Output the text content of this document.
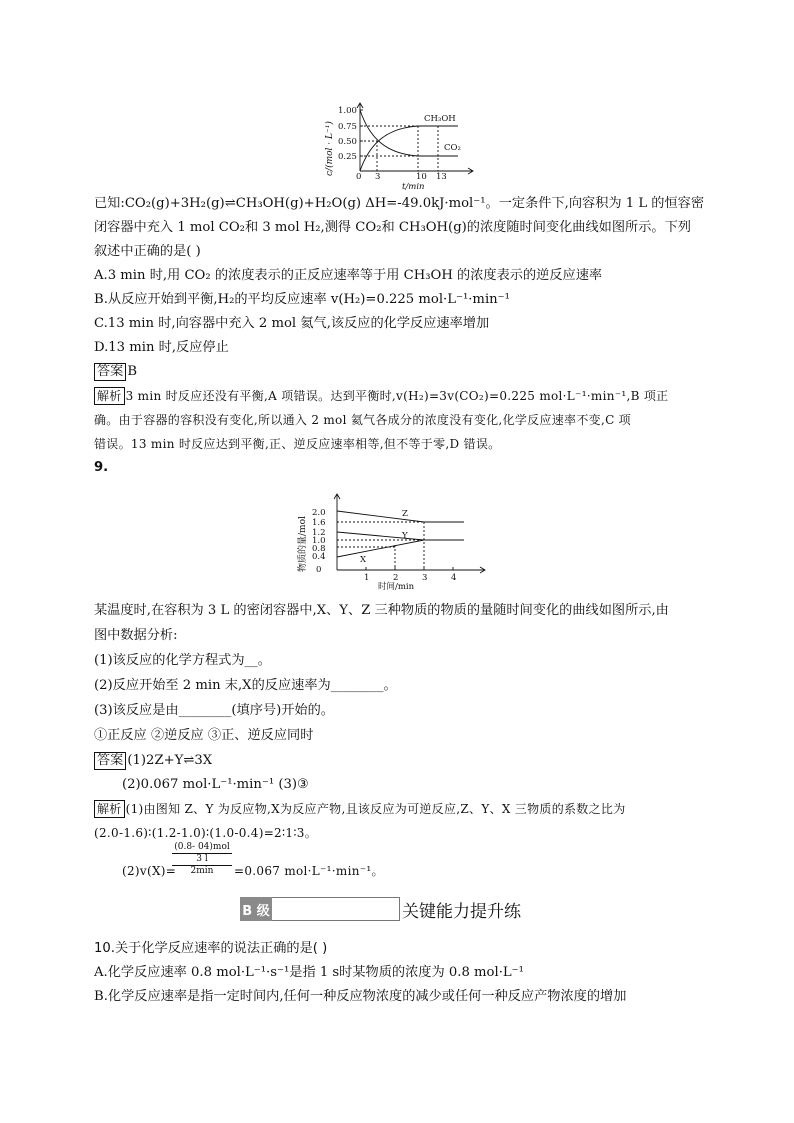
c/(mol · L⁻¹)
1.00
0.75
0.50
0.25
0 3	10 13
t/min
CH₃OH
CO₂
已知:CO₂(g)+3H₂(g)⇌CH₃OH(g)+H₂O(g) ΔH=-49.0kJ·mol⁻¹。一定条件下,向容积为 1 L 的恒容密
闭容器中充入 1 mol CO₂和 3 mol H₂,测得 CO₂和 CH₃OH(g)的浓度随时间变化曲线如图所示。下列
叙述中正确的是( )
A.3 min 时,用 CO₂ 的浓度表示的正反应速率等于用 CH₃OH 的浓度表示的逆反应速率
B.从反应开始到平衡,H₂的平均反应速率 v(H₂)=0.225 mol·L⁻¹·min⁻¹
C.13 min 时,向容器中充入 2 mol 氦气,该反应的化学反应速率增加
D.13 min 时,反应停止
答案 B
解析 3 min 时反应还没有平衡,A 项错误。达到平衡时,v(H₂)=3v(CO₂)=0.225 mol·L⁻¹·min⁻¹,B 项正
确。由于容器的容积没有变化,所以通入 2 mol 氦气各成分的浓度没有变化,化学反应速率不变,C 项
错误。13 min 时反应达到平衡,正、逆反应速率相等,但不等于零,D 错误。
9.
物质的量/mol
2.0
1.6
1.2
1.0
0.8
0.4
0
1	2	3	4
时间/min
Z
Y
X
某温度时,在容积为 3 L 的密闭容器中,X、Y、Z 三种物质的物质的量随时间变化的曲线如图所示,由
图中数据分析:
(1)该反应的化学方程式为__。
(2)反应开始至 2 min 末,X的反应速率为________。
(3)该反应是由________(填序号)开始的。
①正反应 ②逆反应 ③正、逆反应同时
答案 (1)2Z+Y⇌3X
(2)0.067 mol·L⁻¹·min⁻¹ (3)③
解析 (1)由图知 Z、Y 为反应物,X为反应产物,且该反应为可逆反应,Z、Y、X 三物质的系数之比为
(2.0-1.6)∶(1.2-1.0)∶(1.0-0.4)=2∶1∶3。
(2)v(X)=
(0.8- 04)mol
3 l
2min	=0.067 mol·L⁻¹·min⁻¹。
B 级	关键能力提升练
10.关于化学反应速率的说法正确的是( )
A.化学反应速率 0.8 mol·L⁻¹·s⁻¹是指 1 s时某物质的浓度为 0.8 mol·L⁻¹
B.化学反应速率是指一定时间内,任何一种反应物浓度的减少或任何一种反应产物浓度的增加
